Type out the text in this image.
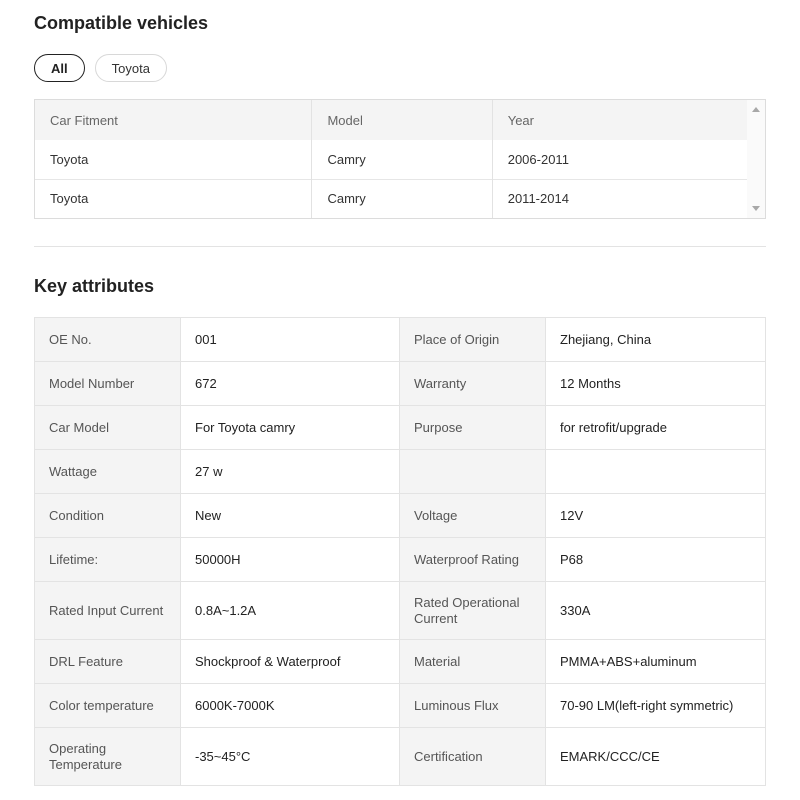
Compatible vehicles
All	Toyota
Car Fitment	Model	Year
Toyota	Camry	2006-2011
Toyota	Camry	2011-2014
Key attributes
OE No.	001	Place of Origin	Zhejiang, China
Model Number	672	Warranty	12 Months
Car Model	For Toyota camry	Purpose	for retrofit/upgrade
Wattage	27 w		
Condition	New	Voltage	12V
Lifetime:	50000H	Waterproof Rating	P68
Rated Input Current	0.8A~1.2A	Rated Operational Current	330A
DRL Feature	Shockproof & Waterproof	Material	PMMA+ABS+aluminum
Color temperature	6000K-7000K	Luminous Flux	70-90 LM(left-right symmetric)
Operating Temperature	-35~45°C	Certification	EMARK/CCC/CE
